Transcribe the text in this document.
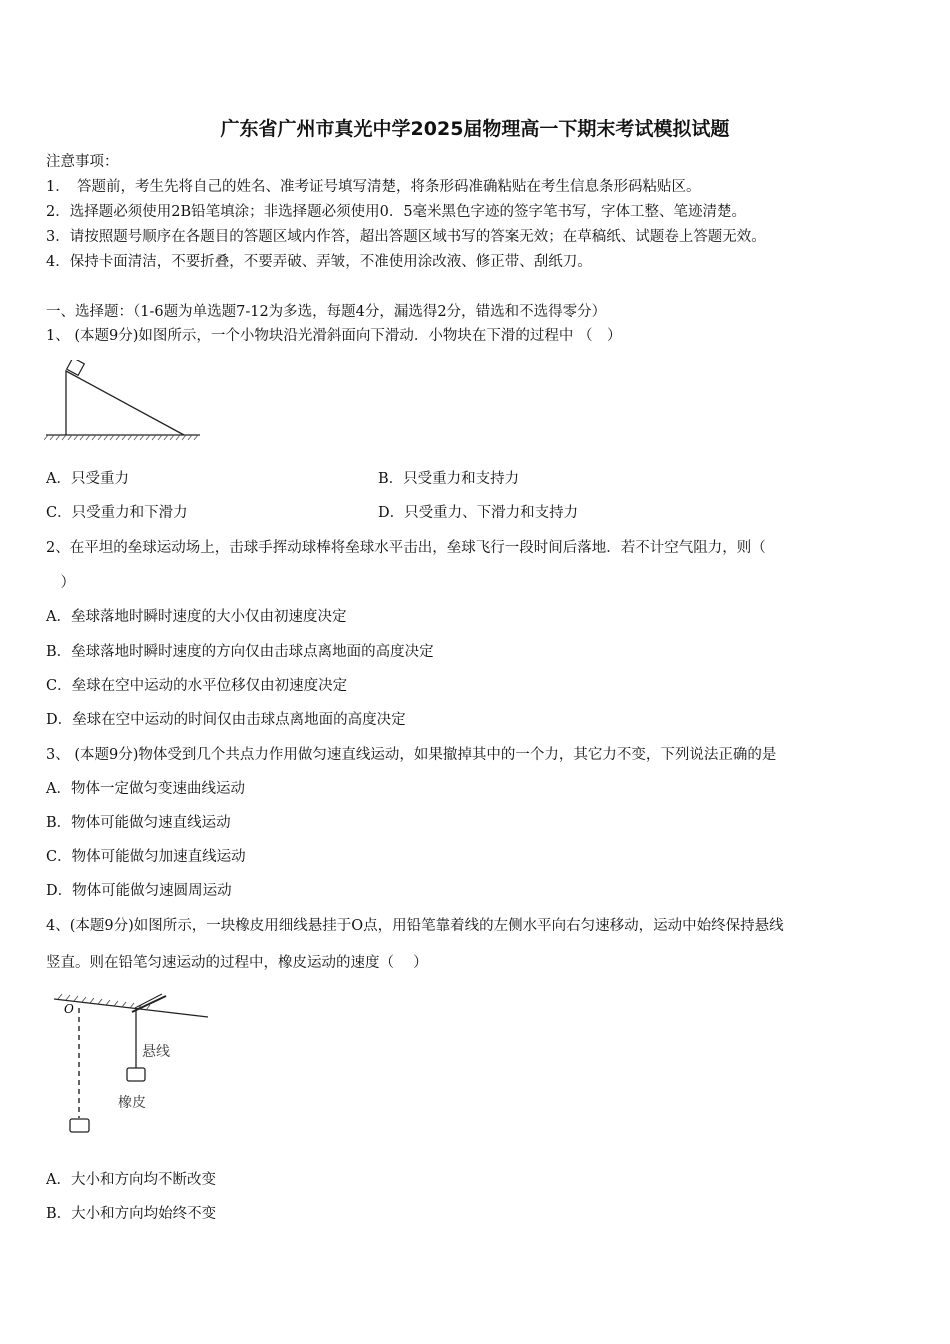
广东省广州市真光中学2025届物理高一下期末考试模拟试题
注意事项：
1．　答题前，考生先将自己的姓名、准考证号填写清楚，将条形码准确粘贴在考生信息条形码粘贴区。
2．选择题必须使用2B铅笔填涂；非选择题必须使用0．5毫米黑色字迹的签字笔书写，字体工整、笔迹清楚。
3．请按照题号顺序在各题目的答题区域内作答，超出答题区域书写的答案无效；在草稿纸、试题卷上答题无效。
4．保持卡面清洁，不要折叠，不要弄破、弄皱，不准使用涂改液、修正带、刮纸刀。
一、选择题：（1-6题为单选题7-12为多选，每题4分，漏选得2分，错选和不选得零分）
1、 (本题9分)如图所示，一个小物块沿光滑斜面向下滑动．小物块在下滑的过程中 （　）
A．只受重力	B．只受重力和支持力
C．只受重力和下滑力	D．只受重力、下滑力和支持力
2、在平坦的垒球运动场上，击球手挥动球棒将垒球水平击出，垒球飞行一段时间后落地．若不计空气阻力，则（
　）
A．垒球落地时瞬时速度的大小仅由初速度决定
B．垒球落地时瞬时速度的方向仅由击球点离地面的高度决定
C．垒球在空中运动的水平位移仅由初速度决定
D．垒球在空中运动的时间仅由击球点离地面的高度决定
3、 (本题9分)物体受到几个共点力作用做匀速直线运动，如果撤掉其中的一个力，其它力不变，下列说法正确的是
A．物体一定做匀变速曲线运动
B．物体可能做匀速直线运动
C．物体可能做匀加速直线运动
D．物体可能做匀速圆周运动
4、(本题9分)如图所示，一块橡皮用细线悬挂于O点，用铅笔靠着线的左侧水平向右匀速移动，运动中始终保持悬线
竖直。则在铅笔匀速运动的过程中，橡皮运动的速度（　 ）
O
悬线
橡皮
A．大小和方向均不断改变
B．大小和方向均始终不变
